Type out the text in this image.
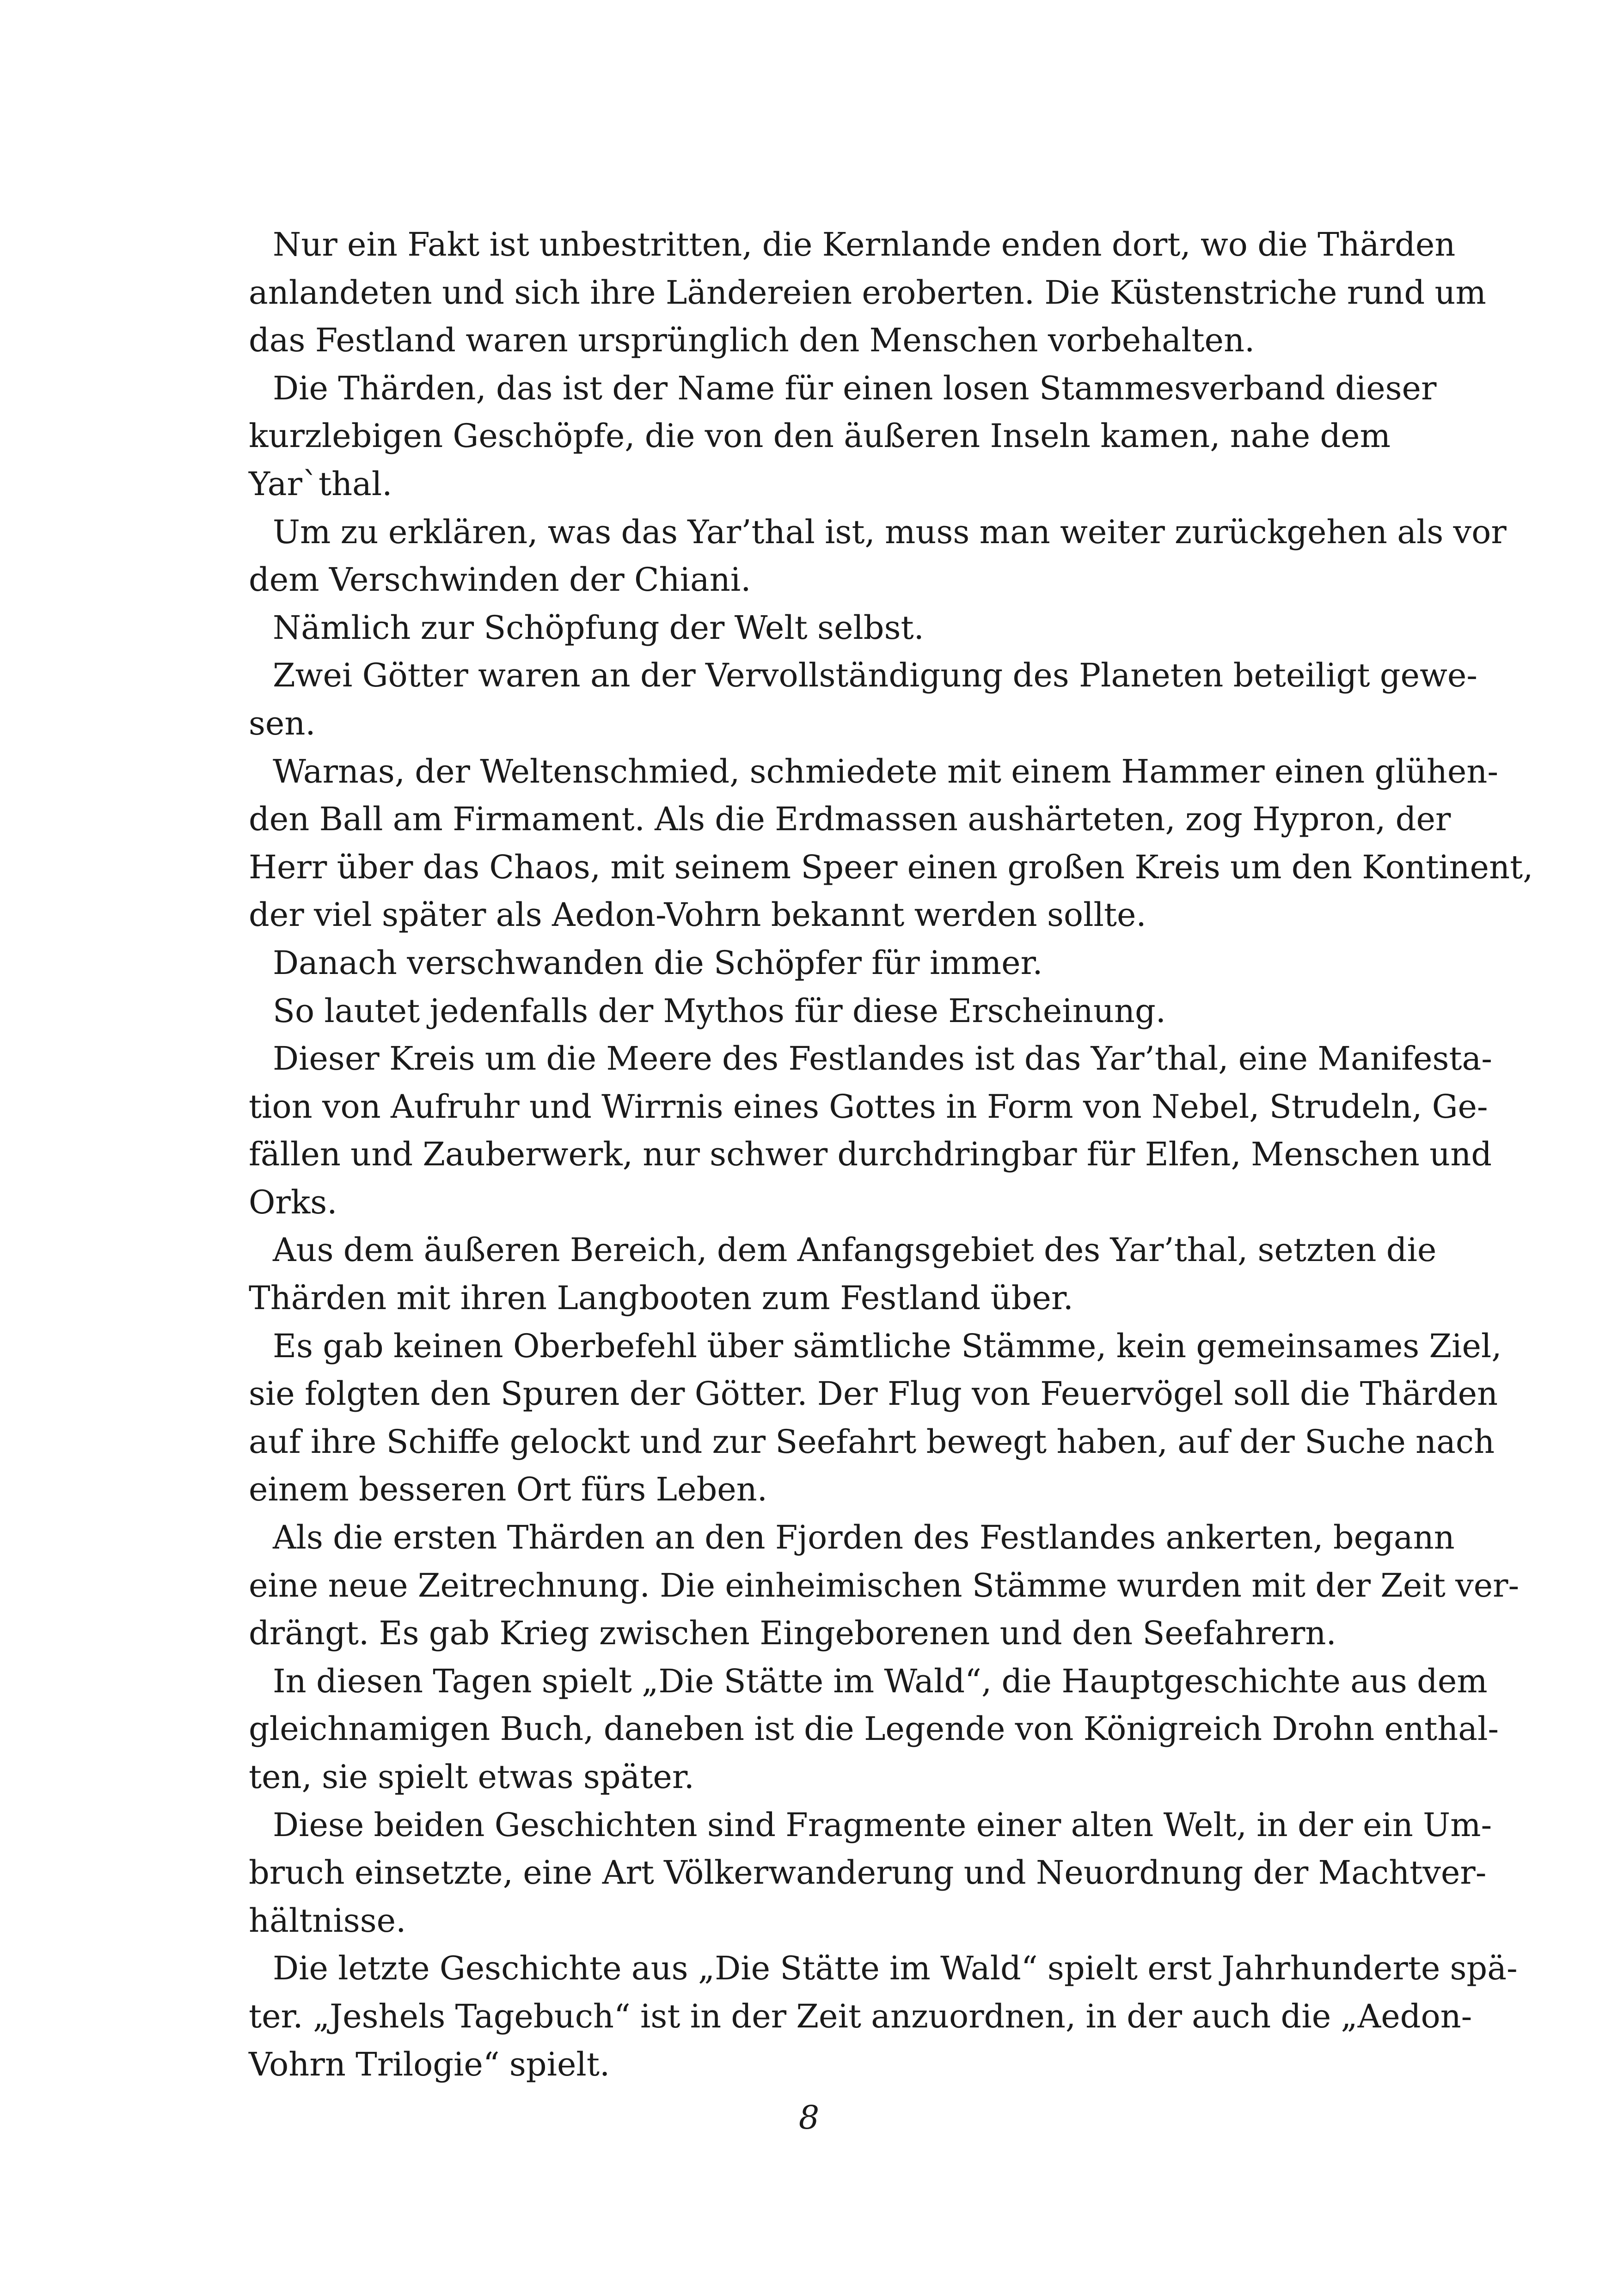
Nur ein Fakt ist unbestritten, die Kernlande enden dort, wo die Thärden
anlandeten und sich ihre Ländereien eroberten. Die Küstenstriche rund um
das Festland waren ursprünglich den Menschen vorbehalten.

Die Thärden, das ist der Name für einen losen Stammesverband dieser
kurzlebigen Geschöpfe, die von den äußeren Inseln kamen, nahe dem
Yar`thal.

Um zu erklären, was das Yar’thal ist, muss man weiter zurückgehen als vor
dem Verschwinden der Chiani.

Nämlich zur Schöpfung der Welt selbst.

Zwei Götter waren an der Vervollständigung des Planeten beteiligt gewe-
sen.

Warnas, der Weltenschmied, schmiedete mit einem Hammer einen glühen-
den Ball am Firmament. Als die Erdmassen aushärteten, zog Hypron, der
Herr über das Chaos, mit seinem Speer einen großen Kreis um den Kontinent,
der viel später als Aedon-Vohrn bekannt werden sollte.

Danach verschwanden die Schöpfer für immer.

So lautet jedenfalls der Mythos für diese Erscheinung.

Dieser Kreis um die Meere des Festlandes ist das Yar’thal, eine Manifesta-
tion von Aufruhr und Wirrnis eines Gottes in Form von Nebel, Strudeln, Ge-
fällen und Zauberwerk, nur schwer durchdringbar für Elfen, Menschen und
Orks.

Aus dem äußeren Bereich, dem Anfangsgebiet des Yar’thal, setzten die
Thärden mit ihren Langbooten zum Festland über.

Es gab keinen Oberbefehl über sämtliche Stämme, kein gemeinsames Ziel,
sie folgten den Spuren der Götter. Der Flug von Feuervögel soll die Thärden
auf ihre Schiffe gelockt und zur Seefahrt bewegt haben, auf der Suche nach
einem besseren Ort fürs Leben.

Als die ersten Thärden an den Fjorden des Festlandes ankerten, begann
eine neue Zeitrechnung. Die einheimischen Stämme wurden mit der Zeit ver-
drängt. Es gab Krieg zwischen Eingeborenen und den Seefahrern.

In diesen Tagen spielt „Die Stätte im Wald“, die Hauptgeschichte aus dem
gleichnamigen Buch, daneben ist die Legende von Königreich Drohn enthal-
ten, sie spielt etwas später.

Diese beiden Geschichten sind Fragmente einer alten Welt, in der ein Um-
bruch einsetzte, eine Art Völkerwanderung und Neuordnung der Machtver-
hältnisse.

Die letzte Geschichte aus „Die Stätte im Wald“ spielt erst Jahrhunderte spä-
ter. „Jeshels Tagebuch“ ist in der Zeit anzuordnen, in der auch die „Aedon-
Vohrn Trilogie“ spielt.

8
